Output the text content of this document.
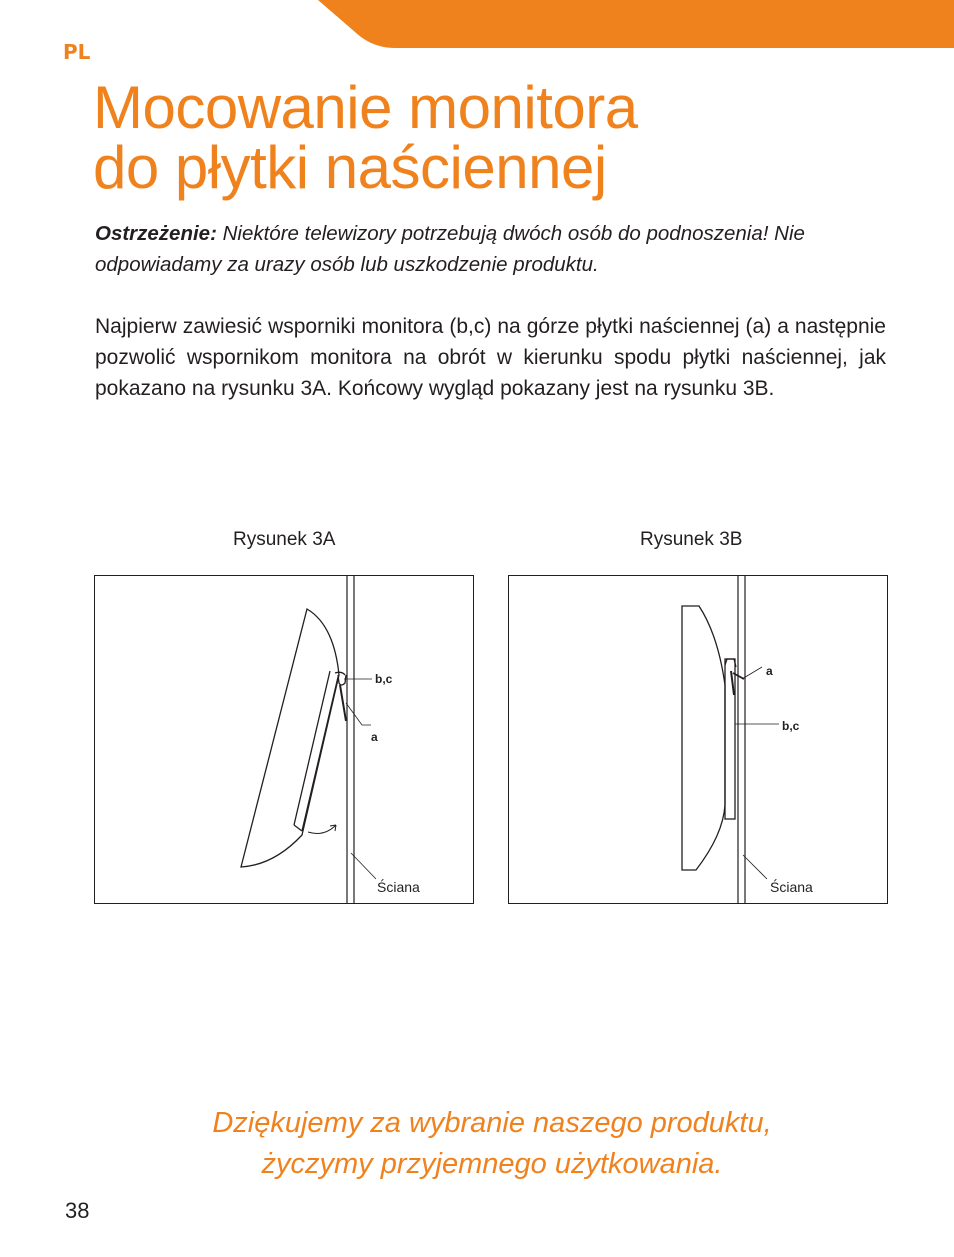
PL

Mocowanie monitora
do płytki naściennej

Ostrzeżenie: Niektóre telewizory potrzebują dwóch osób do podnoszenia! Nie odpowiadamy za urazy osób lub uszkodzenie produktu.

Najpierw zawiesić wsporniki monitora (b,c) na górze płytki naściennej (a) a następnie pozwolić wspornikom monitora na obrót w kierunku spodu płytki naściennej, jak pokazano na rysunku 3A. Końcowy wygląd pokazany jest na rysunku 3B.

Rysunek 3A	Rysunek 3B

b,c
a
Ściana
a
b,c
Ściana

Dziękujemy za wybranie naszego produktu,
życzymy przyjemnego użytkowania.

38
